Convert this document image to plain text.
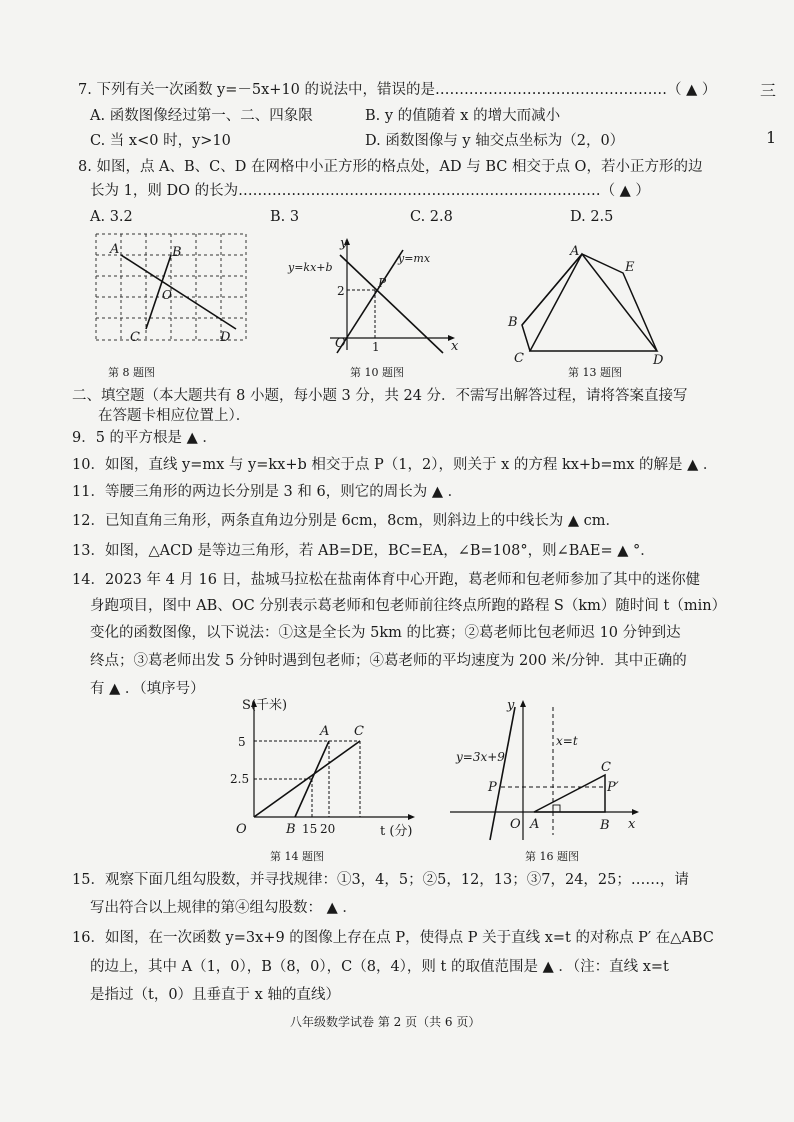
三
1
7. 下列有关一次函数 y=－5x+10 的说法中，错误的是…………………………………………（ ▲ ）
A. 函数图像经过第一、二、四象限	B. y 的值随着 x 的增大而减小
C. 当 x<0 时，y>10	D. 函数图像与 y 轴交点坐标为（2，0）
8. 如图，点 A、B、C、D 在网格中小正方形的格点处，AD 与 BC 相交于点 O，若小正方形的边
长为 1，则 DO 的长为…………………………………………………………………（ ▲ ）
A. 3.2	B. 3	C. 2.8	D. 2.5
A	B
O
C	D
第 8 题图
y
x
O
P
2
1
y=kx+b
y=mx
第 10 题图
A
B
C	D
E
第 13 题图
二、填空题（本大题共有 8 小题，每小题 3 分，共 24 分．不需写出解答过程，请将答案直接写
在答题卡相应位置上）．
9．5 的平方根是 ▲ ．
10．如图，直线 y=mx 与 y=kx+b 相交于点 P（1，2），则关于 x 的方程 kx+b=mx 的解是 ▲ ．
11．等腰三角形的两边长分别是 3 和 6，则它的周长为 ▲ ．
12．已知直角三角形，两条直角边分别是 6cm，8cm，则斜边上的中线长为 ▲ cm．
13．如图，△ACD 是等边三角形，若 AB=DE，BC=EA，∠B=108°，则∠BAE= ▲ °．
14．2023 年 4 月 16 日，盐城马拉松在盐南体育中心开跑，葛老师和包老师参加了其中的迷你健
身跑项目，图中 AB、OC 分别表示葛老师和包老师前往终点所跑的路程 S（km）随时间 t（min）
变化的函数图像，以下说法：①这是全长为 5km 的比赛；②葛老师比包老师迟 10 分钟到达
终点；③葛老师出发 5 分钟时遇到包老师；④葛老师的平均速度为 200 米/分钟．其中正确的
有 ▲ ．（填序号）
S(千米)
t (分)
5
2.5
O	B 15 20
A C
第 14 题图
y
x
O A	B
C
P	P′
y=3x+9
x=t
第 16 题图
15．观察下面几组勾股数，并寻找规律：①3，4，5；②5，12，13；③7，24，25；……，请
写出符合以上规律的第④组勾股数： ▲ ．
16．如图，在一次函数 y=3x+9 的图像上存在点 P，使得点 P 关于直线 x=t 的对称点 P′ 在△ABC
的边上，其中 A（1，0），B（8，0），C（8，4），则 t 的取值范围是 ▲ ．（注：直线 x=t
是指过（t，0）且垂直于 x 轴的直线）
八年级数学试卷 第 2 页（共 6 页）
